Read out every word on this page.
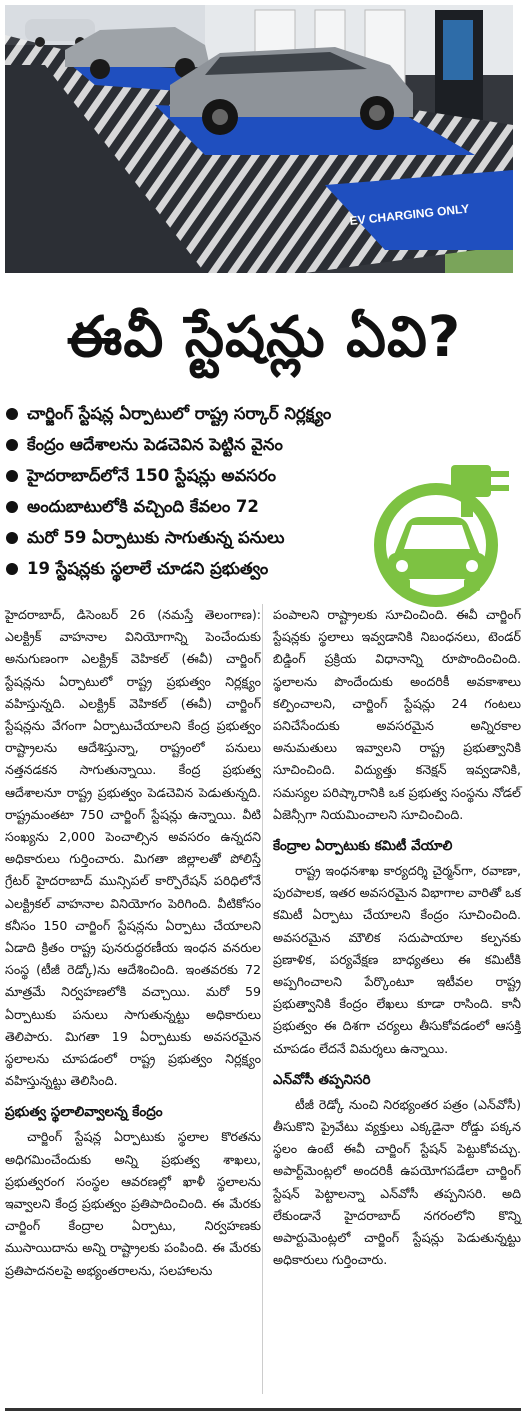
EV CHARGING ONLY
ఈవీ స్టేషన్లు ఏవి?
చార్జింగ్ స్టేషన్ల ఏర్పాటులో రాష్ట్ర సర్కార్ నిర్లక్ష్యం
కేంద్రం ఆదేశాలను పెడచెవిన పెట్టిన వైనం
హైదరాబాద్‌లోనే 150 స్టేషన్లు అవసరం
అందుబాటులోకి వచ్చింది కేవలం 72
మరో 59 ఏర్పాటుకు సాగుతున్న పనులు
19 స్టేషన్లకు స్థలాలే చూడని ప్రభుత్వం

హైదరాబాద్, డిసెంబర్ 26 (నమస్తే తెలంగాణ): ఎలక్ట్రిక్ వాహనాల వినియోగాన్ని పెంచేందుకు అనుగుణంగా ఎలక్ట్రిక్ వెహికల్ (ఈవీ) చార్జింగ్ స్టేషన్లను ఏర్పాటులో రాష్ట్ర ప్రభుత్వం నిర్లక్ష్యం వహిస్తున్నది. ఎలక్ట్రిక్ వెహికల్ (ఈవీ) చార్జింగ్ స్టేషన్లను వేగంగా ఏర్పాటుచేయాలని కేంద్ర ప్రభుత్వం రాష్ట్రాలను ఆదేశిస్తున్నా, రాష్ట్రంలో పనులు నత్తనడకన సాగుతున్నాయి. కేంద్ర ప్రభుత్వ ఆదేశాలనూ రాష్ట్ర ప్రభుత్వం పెడచెవిన పెడుతున్నది. రాష్ట్రమంతటా 750 చార్జింగ్ స్టేషన్లు ఉన్నాయి. వీటి సంఖ్యను 2,000 పెంచాల్సిన అవసరం ఉన్నదని అధికారులు గుర్తించారు. మిగతా జిల్లాలతో పోలిస్తే గ్రేటర్ హైదరాబాద్ మున్సిపల్ కార్పొరేషన్ పరిధిలోనే ఎలక్ట్రికల్ వాహనాల వినియోగం పెరిగింది. వీటికోసం కనీసం 150 చార్జింగ్ స్టేషన్లను ఏర్పాటు చేయాలని ఏడాది క్రితం రాష్ట్ర పునరుద్ధరణీయ ఇంధన వనరుల సంస్థ (టీజీ రెడ్కో)ను ఆదేశించింది. ఇంతవరకు 72 మాత్రమే నిర్వహణలోకి వచ్చాయి. మరో 59 ఏర్పాటుకు పనులు సాగుతున్నట్టు అధికారులు తెలిపారు. మిగతా 19 ఏర్పాటుకు అవసరమైన స్థలాలను చూపడంలో రాష్ట్ర ప్రభుత్వం నిర్లక్ష్యం వహిస్తున్నట్టు తెలిసింది.

ప్రభుత్వ స్థలాలివ్వాలన్న కేంద్రం

చార్జింగ్ స్టేషన్ల ఏర్పాటుకు స్థలాల కొరతను అధిగమించేందుకు అన్ని ప్రభుత్వ శాఖలు, ప్రభుత్వరంగ సంస్థల ఆవరణల్లో ఖాళీ స్థలాలను ఇవ్వాలని కేంద్ర ప్రభుత్వం ప్రతిపాదించింది. ఈ మేరకు చార్జింగ్ కేంద్రాల ఏర్పాటు, నిర్వహణకు ముసాయిదాను అన్ని రాష్ట్రాలకు పంపింది. ఈ మేరకు ప్రతిపాదనలపై అభ్యంతరాలను, సలహాలను

పంపాలని రాష్ట్రాలకు సూచించింది. ఈవీ చార్జింగ్ స్టేషన్లకు స్థలాలు ఇవ్వడానికి నిబంధనలు, టెండర్ బిడ్డింగ్ ప్రక్రియ విధానాన్ని రూపొందించింది. స్థలాలను పొందేందుకు అందరికీ అవకాశాలు కల్పించాలని, చార్జింగ్ స్టేషన్లు 24 గంటలు పనిచేసేందుకు అవసరమైన అన్నిరకాల అనుమతులు ఇవ్వాలని రాష్ట్ర ప్రభుత్వానికి సూచించింది. విద్యుత్తు కనెక్షన్ ఇవ్వడానికి, సమస్యల పరిష్కారానికి ఒక ప్రభుత్వ సంస్థను నోడల్ ఏజెన్సీగా నియమించాలని సూచించింది.

కేంద్రాల ఏర్పాటుకు కమిటీ వేయాలి

రాష్ట్ర ఇంధనశాఖ కార్యదర్శి చైర్మన్‌గా, రవాణా, పురపాలక, ఇతర అవసరమైన విభాగాల వారితో ఒక కమిటీ ఏర్పాటు చేయాలని కేంద్రం సూచించింది. అవసరమైన మౌలిక సదుపాయాల కల్పనకు ప్రణాళిక, పర్యవేక్షణ బాధ్యతలు ఈ కమిటీకి అప్పగించాలని పేర్కొంటూ ఇటీవల రాష్ట్ర ప్రభుత్వానికి కేంద్రం లేఖలు కూడా రాసింది. కానీ ప్రభుత్వం ఈ దిశగా చర్యలు తీసుకోవడంలో ఆసక్తి చూపడం లేదనే విమర్శలు ఉన్నాయి.

ఎన్‌వోసీ తప్పనిసరి

టీజీ రెడ్కో నుంచి నిరభ్యంతర పత్రం (ఎన్‌వోసీ) తీసుకొని ప్రైవేటు వ్యక్తులు ఎక్కడైనా రోడ్డు పక్కన స్థలం ఉంటే ఈవీ చార్జింగ్ స్టేషన్ పెట్టుకోవచ్చు. అపార్ట్‌మెంట్లలో అందరికీ ఉపయోగపడేలా చార్జింగ్ స్టేషన్ పెట్టాలన్నా ఎన్‌వోసీ తప్పనిసరి. అది లేకుండానే హైదరాబాద్ నగరంలోని కొన్ని అపార్టుమెంట్లలో చార్జింగ్ స్టేషన్లు పెడుతున్నట్టు అధికారులు గుర్తించారు.
